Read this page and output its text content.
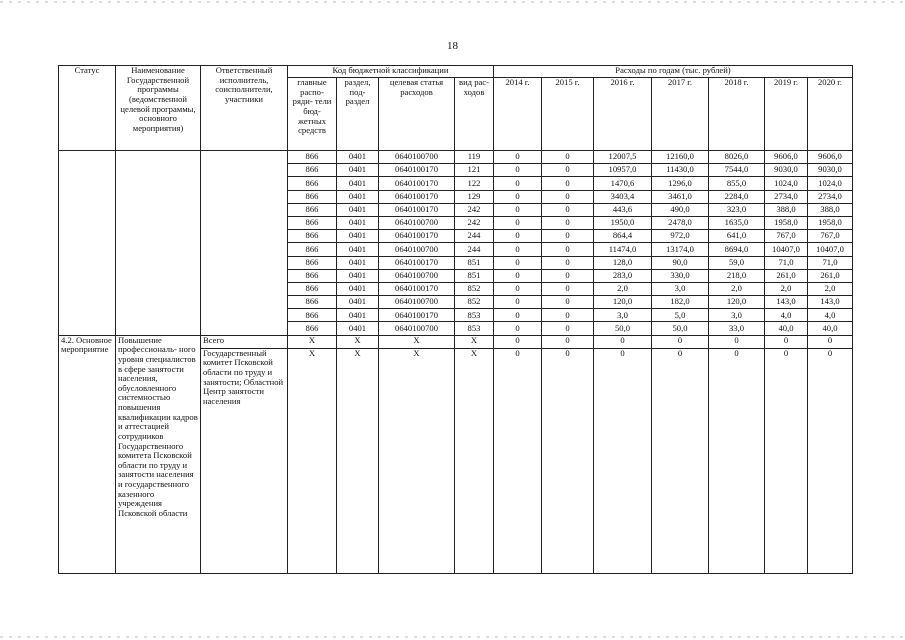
18
Статус	Наименование Государственной программы (ведомственной целевой программы, основного мероприятия)	Ответственный исполнитель, соисполнители, участники	Код бюджетной классификации				Расходы по годам (тыс. рублей)						
			главные распо- ряди- тели бюд- жетных средств	раздел, под- раздел	целевая статья расходов	вид рас- ходов	2014 г.	2015 г.	2016 г.	2017 г.	2018 г.	2019 г.	2020 г.
			866	0401	0640100700	119	0	0	12007,5	12160,0	8026,0	9606,0	9606,0
			866	0401	0640100170	121	0	0	10957,0	11430,0	7544,0	9030,0	9030,0
			866	0401	0640100170	122	0	0	1470,6	1296,0	855,0	1024,0	1024,0
			866	0401	0640100170	129	0	0	3403,4	3461,0	2284,0	2734,0	2734,0
			866	0401	0640100170	242	0	0	443,6	490,0	323,0	388,0	388,0
			866	0401	0640100700	242	0	0	1950,0	2478,0	1635,0	1958,0	1958,0
			866	0401	0640100170	244	0	0	864,4	972,0	641,0	767,0	767,0
			866	0401	0640100700	244	0	0	11474,0	13174,0	8694,0	10407,0	10407,0
			866	0401	0640100170	851	0	0	128,0	90,0	59,0	71,0	71,0
			866	0401	0640100700	851	0	0	283,0	330,0	218,0	261,0	261,0
			866	0401	0640100170	852	0	0	2,0	3,0	2,0	2,0	2,0
			866	0401	0640100700	852	0	0	120,0	182,0	120,0	143,0	143,0
			866	0401	0640100170	853	0	0	3,0	5,0	3,0	4,0	4,0
			866	0401	0640100700	853	0	0	50,0	50,0	33,0	40,0	40,0
4.2. Основное мероприятие	Повышение профессиональ- ного уровня специалистов в сфере занятости населения, обусловленного системностью повышения квалификации кадров и аттестацией сотрудников Государственного комитета Псковской области по труду и занятости населения и государственного казенного учреждения Псковской области	Всего	X	X	X	X	0	0	0	0	0	0	0
		Государственный комитет Псковской области по труду и занятости; Областной Центр занятости населения	X	X	X	X	0	0	0	0	0	0	0
